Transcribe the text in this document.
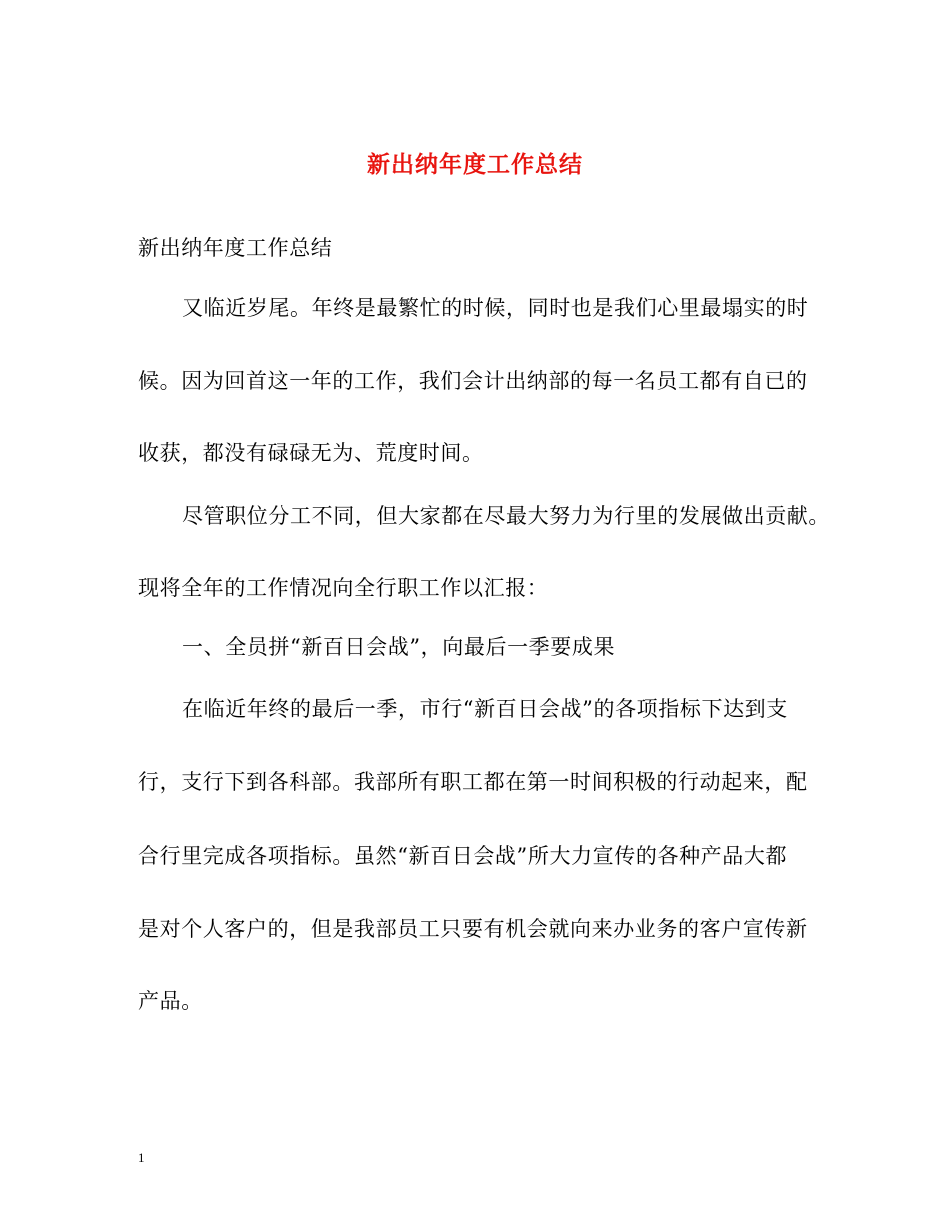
新出纳年度工作总结
新出纳年度工作总结
又临近岁尾。年终是最繁忙的时候，同时也是我们心里最塌实的时
候。因为回首这一年的工作，我们会计出纳部的每一名员工都有自已的
收获，都没有碌碌无为、荒度时间。
尽管职位分工不同，但大家都在尽最大努力为行里的发展做出贡献。
现将全年的工作情况向全行职工作以汇报：
一、全员拼“新百日会战”，向最后一季要成果
在临近年终的最后一季，市行“新百日会战”的各项指标下达到支
行，支行下到各科部。我部所有职工都在第一时间积极的行动起来，配
合行里完成各项指标。虽然“新百日会战”所大力宣传的各种产品大都
是对个人客户的，但是我部员工只要有机会就向来办业务的客户宣传新
产品。
1
